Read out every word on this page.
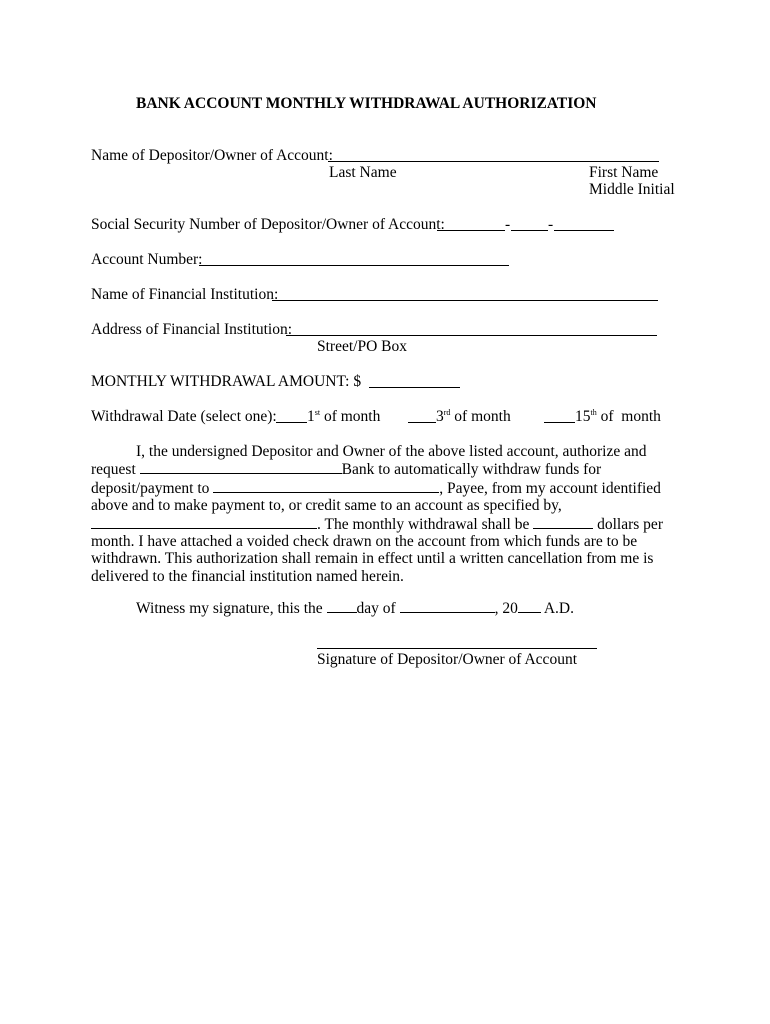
BANK ACCOUNT MONTHLY WITHDRAWAL AUTHORIZATION
Name of Depositor/Owner of Account:
Last Name	First Name
Middle Initial
Social Security Number of Depositor/Owner of Account:	- -
Account Number:
Name of Financial Institution:
Address of Financial Institution:
Street/PO Box
MONTHLY WITHDRAWAL AMOUNT: $
Withdrawal Date (select one): 1st of month	3rd of month	15th of  month
I, the undersigned Depositor and Owner of the above listed account, authorize and request	Bank to automatically withdraw funds for deposit/payment to	, Payee, from my account identified above and to make payment to, or credit same to an account as specified by, . The monthly withdrawal shall be	dollars per month. I have attached a voided check drawn on the account from which funds are to be withdrawn. This authorization shall remain in effect until a written cancellation from me is delivered to the financial institution named herein.
Witness my signature, this the day of	, 20 A.D.
Signature of Depositor/Owner of Account
